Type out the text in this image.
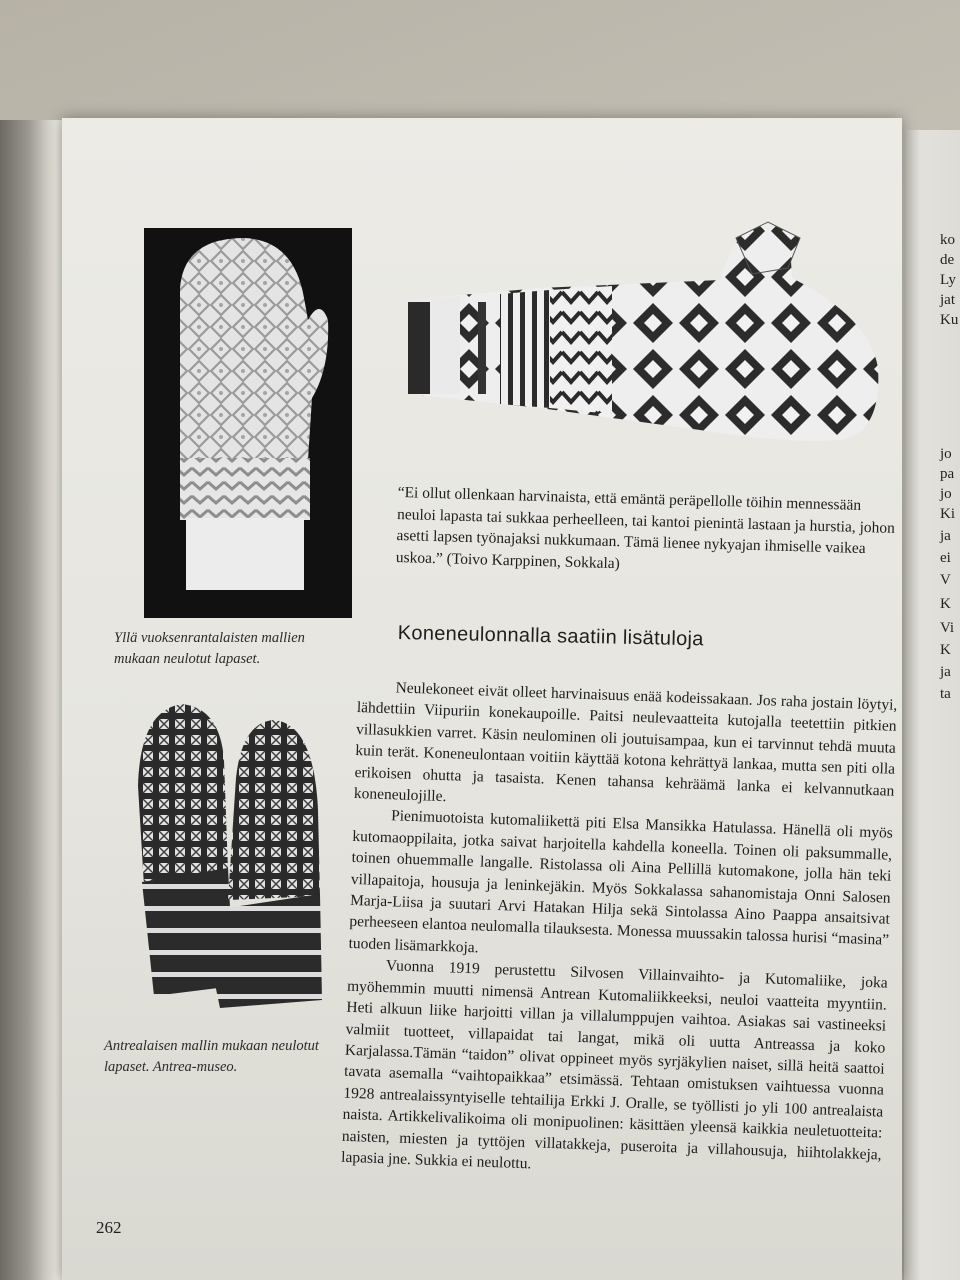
ko
de
Ly
jat
Ku
jo
pa
jo
Ki
ja
ei
V
K
Vi
K
ja
ta
Yllä vuoksenrantalaisten mallien mukaan neulotut lapaset.
“Ei ollut ollenkaan harvinaista, että emäntä peräpellolle töihin mennessään neuloi lapasta tai sukkaa perheelleen, tai kantoi pienintä lastaan ja hurstia, johon asetti lapsen työnajaksi nukkumaan. Tämä lienee nykyajan ihmiselle vaikea uskoa.” (Toivo Karppinen, Sokkala)
Koneneulonnalla saatiin lisätuloja
Antrealaisen mallin mukaan neulotut lapaset. Antrea-museo.

Neulekoneet eivät olleet harvinaisuus enää kodeissakaan. Jos raha jostain löytyi, lähdettiin Viipuriin konekaupoille. Paitsi neulevaatteita kutojalla teetettiin pitkien villasukkien varret. Käsin neulominen oli joutuisampaa, kun ei tarvinnut tehdä muuta kuin terät. Koneneulontaan voitiin käyttää kotona kehrättyä lankaa, mutta sen piti olla erikoisen ohutta ja tasaista. Kenen tahansa kehräämä lanka ei kelvannutkaan koneneulojille.

Pienimuotoista kutomaliikettä piti Elsa Mansikka Hatulassa. Hänellä oli myös kutomaoppilaita, jotka saivat harjoitella kahdella koneella. Toinen oli paksummalle, toinen ohuemmalle langalle. Ristolassa oli Aina Pellillä kutomakone, jolla hän teki villapaitoja, housuja ja leninkejäkin. Myös Sokkalassa sahanomistaja Onni Salosen Marja-Liisa ja suutari Arvi Hatakan Hilja sekä Sintolassa Aino Paappa ansaitsivat perheeseen elantoa neulomalla tilauksesta. Monessa muussakin talossa hurisi “masina” tuoden lisämarkkoja.

Vuonna 1919 perustettu Silvosen Villainvaihto- ja Kutomaliike, joka myöhemmin muutti nimensä Antrean Kutomaliikkeeksi, neuloi vaatteita myyntiin. Heti alkuun liike harjoitti villan ja villalumppujen vaihtoa. Asiakas sai vastineeksi valmiit tuotteet, villapaidat tai langat, mikä oli uutta Antreassa ja koko Karjalassa.Tämän “taidon” olivat oppineet myös syrjäkylien naiset, sillä heitä saattoi tavata asemalla “vaihtopaikkaa” etsimässä. Tehtaan omistuksen vaihtuessa vuonna 1928 antrealaissyntyiselle tehtailija Erkki J. Oralle, se työllisti jo yli 100 antrealaista naista. Artikkelivalikoima oli monipuolinen: käsittäen yleensä kaikkia neuletuotteita: naisten, miesten ja tyttöjen villatakkeja, puseroita ja villahousuja, hiihtolakkeja, lapasia jne. Sukkia ei neulottu.

262
